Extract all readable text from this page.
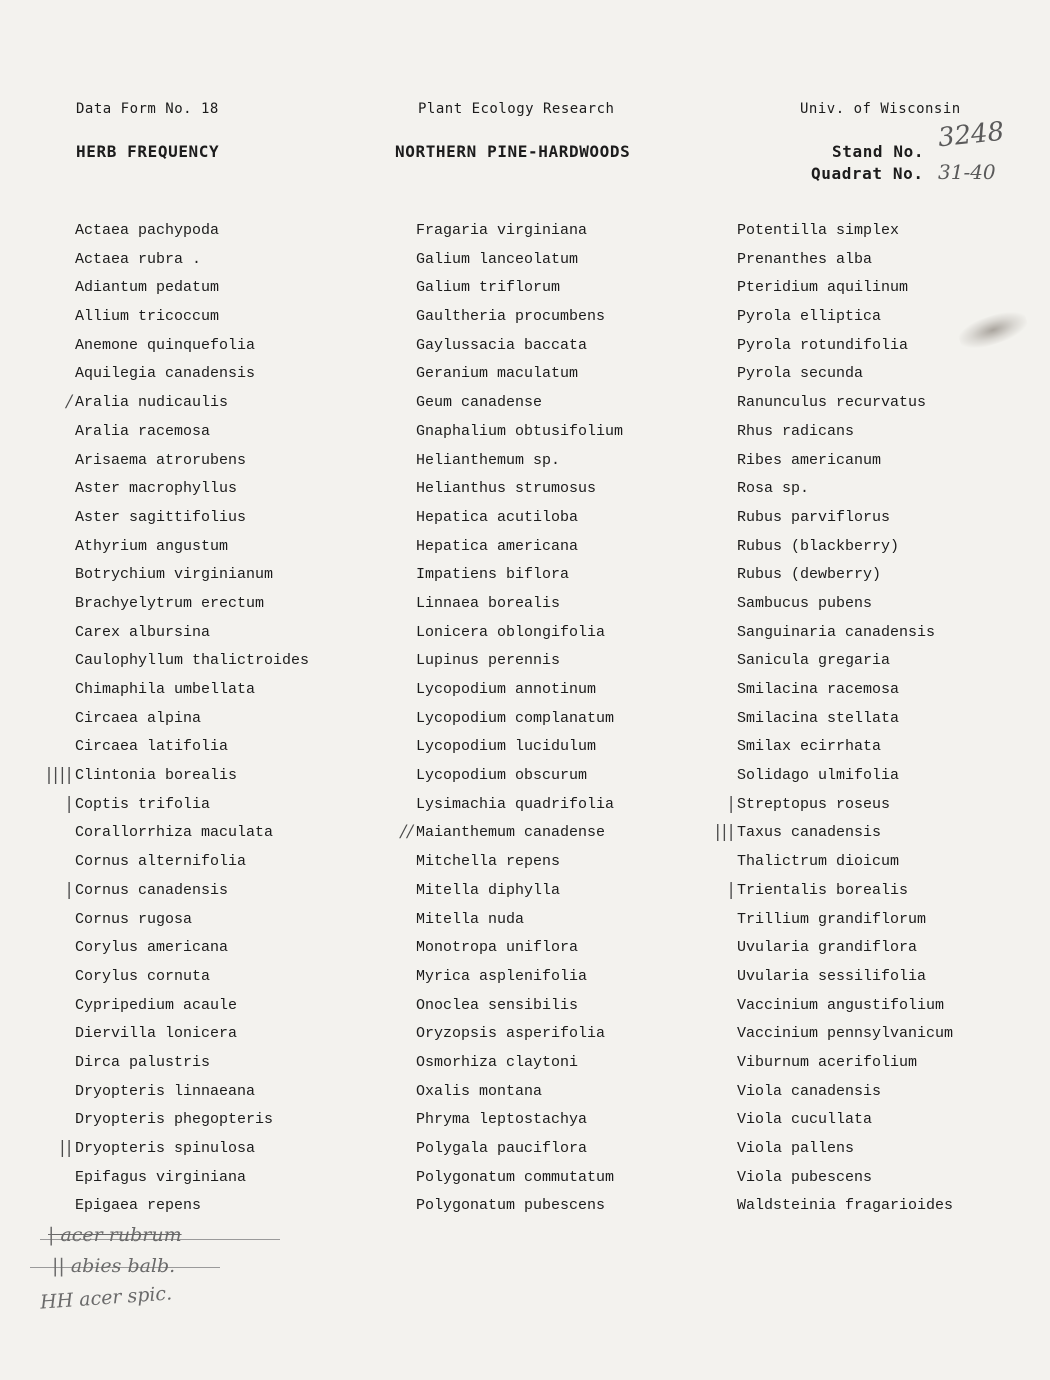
Data Form No. 18	Plant Ecology Research	Univ. of Wisconsin
HERB FREQUENCY	NORTHERN PINE-HARDWOODS	Stand No. 3248
Quadrat No. 31-40
Actaea pachypoda
Actaea rubra .
Adiantum pedatum
Allium tricoccum
Anemone quinquefolia
Aquilegia canadensis
/ Aralia nudicaulis
Aralia racemosa
Arisaema atrorubens
Aster macrophyllus
Aster sagittifolius
Athyrium angustum
Botrychium virginianum
Brachyelytrum erectum
Carex albursina
Caulophyllum thalictroides
Chimaphila umbellata
Circaea alpina
Circaea latifolia
|||| Clintonia borealis
| Coptis trifolia
Corallorrhiza maculata
Cornus alternifolia
| Cornus canadensis
Cornus rugosa
Corylus americana
Corylus cornuta
Cypripedium acaule
Diervilla lonicera
Dirca palustris
Dryopteris linnaeana
Dryopteris phegopteris
|| Dryopteris spinulosa
Epifagus virginiana
Epigaea repens
Fragaria virginiana
Galium lanceolatum
Galium triflorum
Gaultheria procumbens
Gaylussacia baccata
Geranium maculatum
Geum canadense
Gnaphalium obtusifolium
Helianthemum sp.
Helianthus strumosus
Hepatica acutiloba
Hepatica americana
Impatiens biflora
Linnaea borealis
Lonicera oblongifolia
Lupinus perennis
Lycopodium annotinum
Lycopodium complanatum
Lycopodium lucidulum
Lycopodium obscurum
Lysimachia quadrifolia
// Maianthemum canadense
Mitchella repens
Mitella diphylla
Mitella nuda
Monotropa uniflora
Myrica asplenifolia
Onoclea sensibilis
Oryzopsis asperifolia
Osmorhiza claytoni
Oxalis montana
Phryma leptostachya
Polygala pauciflora
Polygonatum commutatum
Polygonatum pubescens
Potentilla simplex
Prenanthes alba
Pteridium aquilinum
Pyrola elliptica
Pyrola rotundifolia
Pyrola secunda
Ranunculus recurvatus
Rhus radicans
Ribes americanum
Rosa sp.
Rubus parviflorus
Rubus (blackberry)
Rubus (dewberry)
Sambucus pubens
Sanguinaria canadensis
Sanicula gregaria
Smilacina racemosa
Smilacina stellata
Smilax ecirrhata
Solidago ulmifolia
| Streptopus roseus
||| Taxus canadensis
Thalictrum dioicum
| Trientalis borealis
Trillium grandiflorum
Uvularia grandiflora
Uvularia sessilifolia
Vaccinium angustifolium
Vaccinium pennsylvanicum
Viburnum acerifolium
Viola canadensis
Viola cucullata
Viola pallens
Viola pubescens
Waldsteinia fragarioides
| acer rubrum
|| abies balb.
HH acer spic.
